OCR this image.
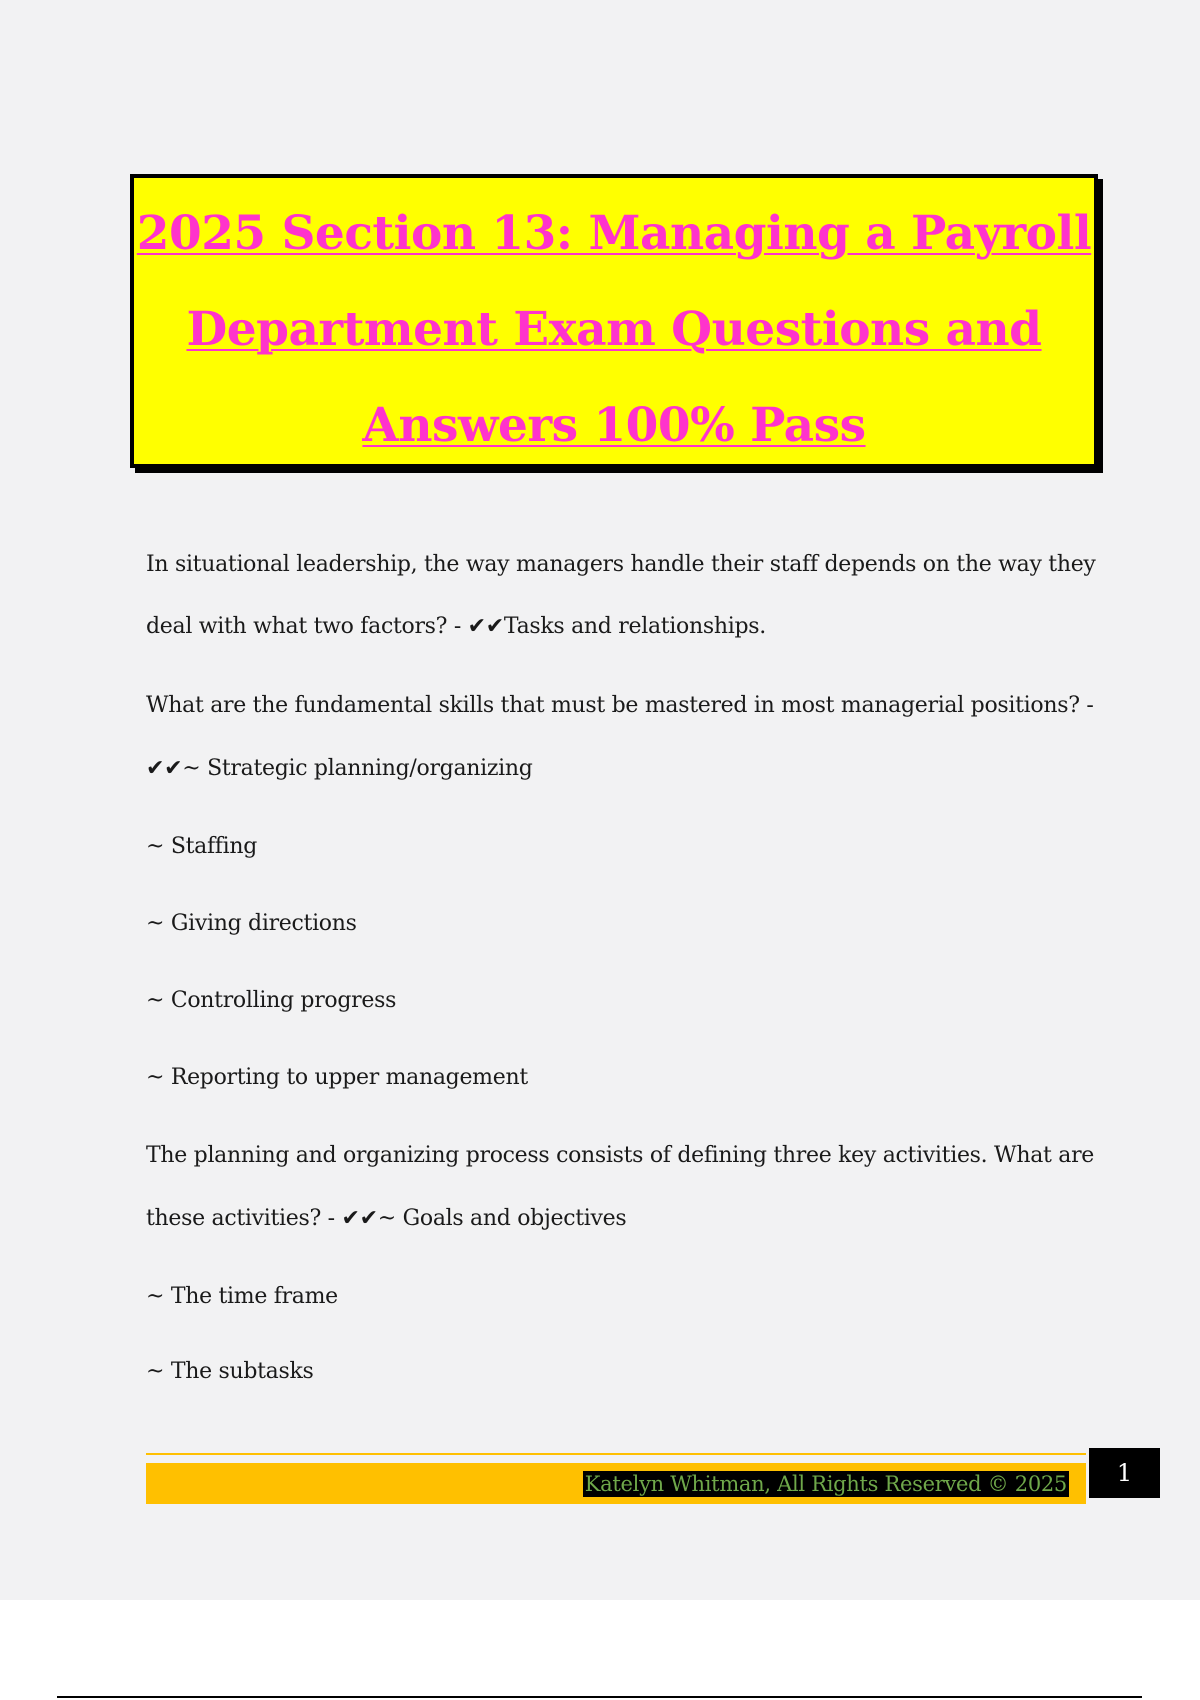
2025 Section 13: Managing a Payroll
Department Exam Questions and
Answers 100% Pass
In situational leadership, the way managers handle their staff depends on the way they
deal with what two factors? - ✔✔Tasks and relationships.
What are the fundamental skills that must be mastered in most managerial positions? -
✔✔~ Strategic planning/organizing
~ Staffing
~ Giving directions
~ Controlling progress
~ Reporting to upper management
The planning and organizing process consists of defining three key activities. What are
these activities? - ✔✔~ Goals and objectives
~ The time frame
~ The subtasks
Katelyn Whitman, All Rights Reserved © 2025	1
